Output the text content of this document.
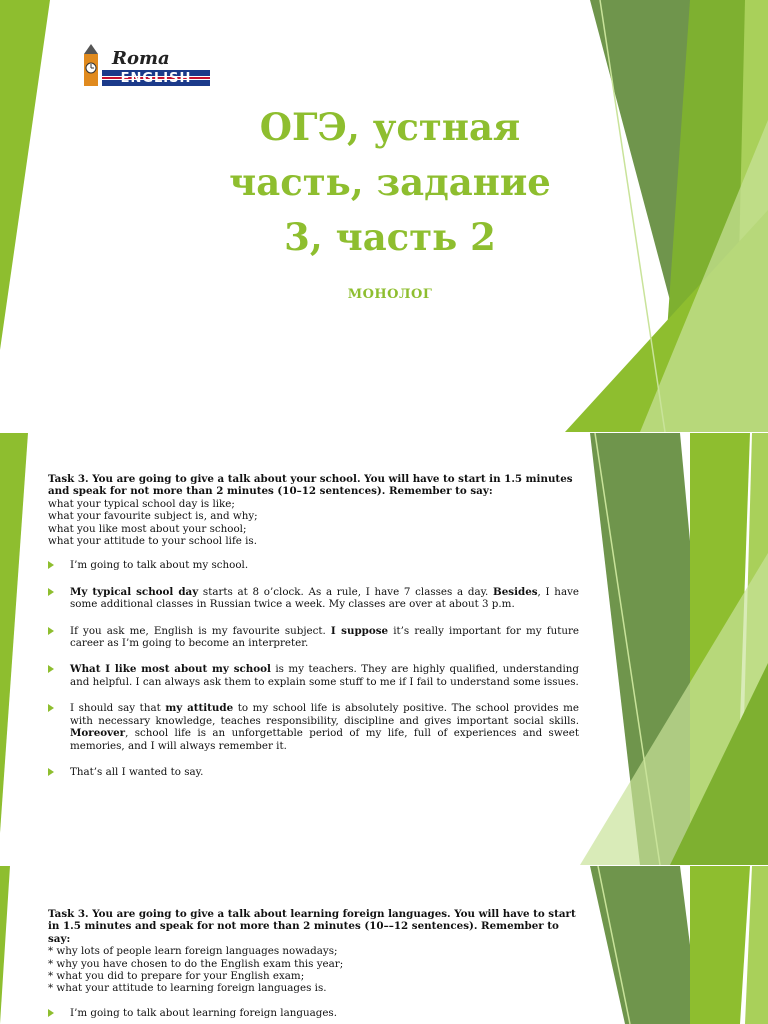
Roma
ENGLISH
ОГЭ, устная
часть, задание
3, часть 2
МОНОЛОГ
Task 3. You are going to give a talk about your school. You will have to start in 1.5 minutes and speak for not more than 2 minutes (10–12 sentences). Remember to say:

what your typical school day is like;

what your favourite subject is, and why;

what you like most about your school;

what your attitude to your school life is.

I’m going to talk about my school.
My typical school day starts at 8 o’clock. As a rule, I have 7 classes a day. Besides, I have some additional classes in Russian twice a week. My classes are over at about 3 p.m.
If you ask me, English is my favourite subject. I suppose it’s really important for my future career as I’m going to become an interpreter.
What I like most about my school is my teachers. They are highly qualified, understanding and helpful. I can always ask them to explain some stuff to me if I fail to understand some issues.
I should say that my attitude to my school life is absolutely positive. The school provides me with necessary knowledge, teaches responsibility, discipline and gives important social skills. Moreover, school life is an unforgettable period of my life, full of experiences and sweet memories, and I will always remember it.
That’s all I wanted to say.
Task 3. You are going to give a talk about learning foreign languages. You will have to start in 1.5 minutes and speak for not more than 2 minutes (10––12 sentences). Remember to say:

* why lots of people learn foreign languages nowadays;

* why you have chosen to do the English exam this year;

* what you did to prepare for your English exam;

* what your attitude to learning foreign languages is.

I’m going to talk about learning foreign languages.
